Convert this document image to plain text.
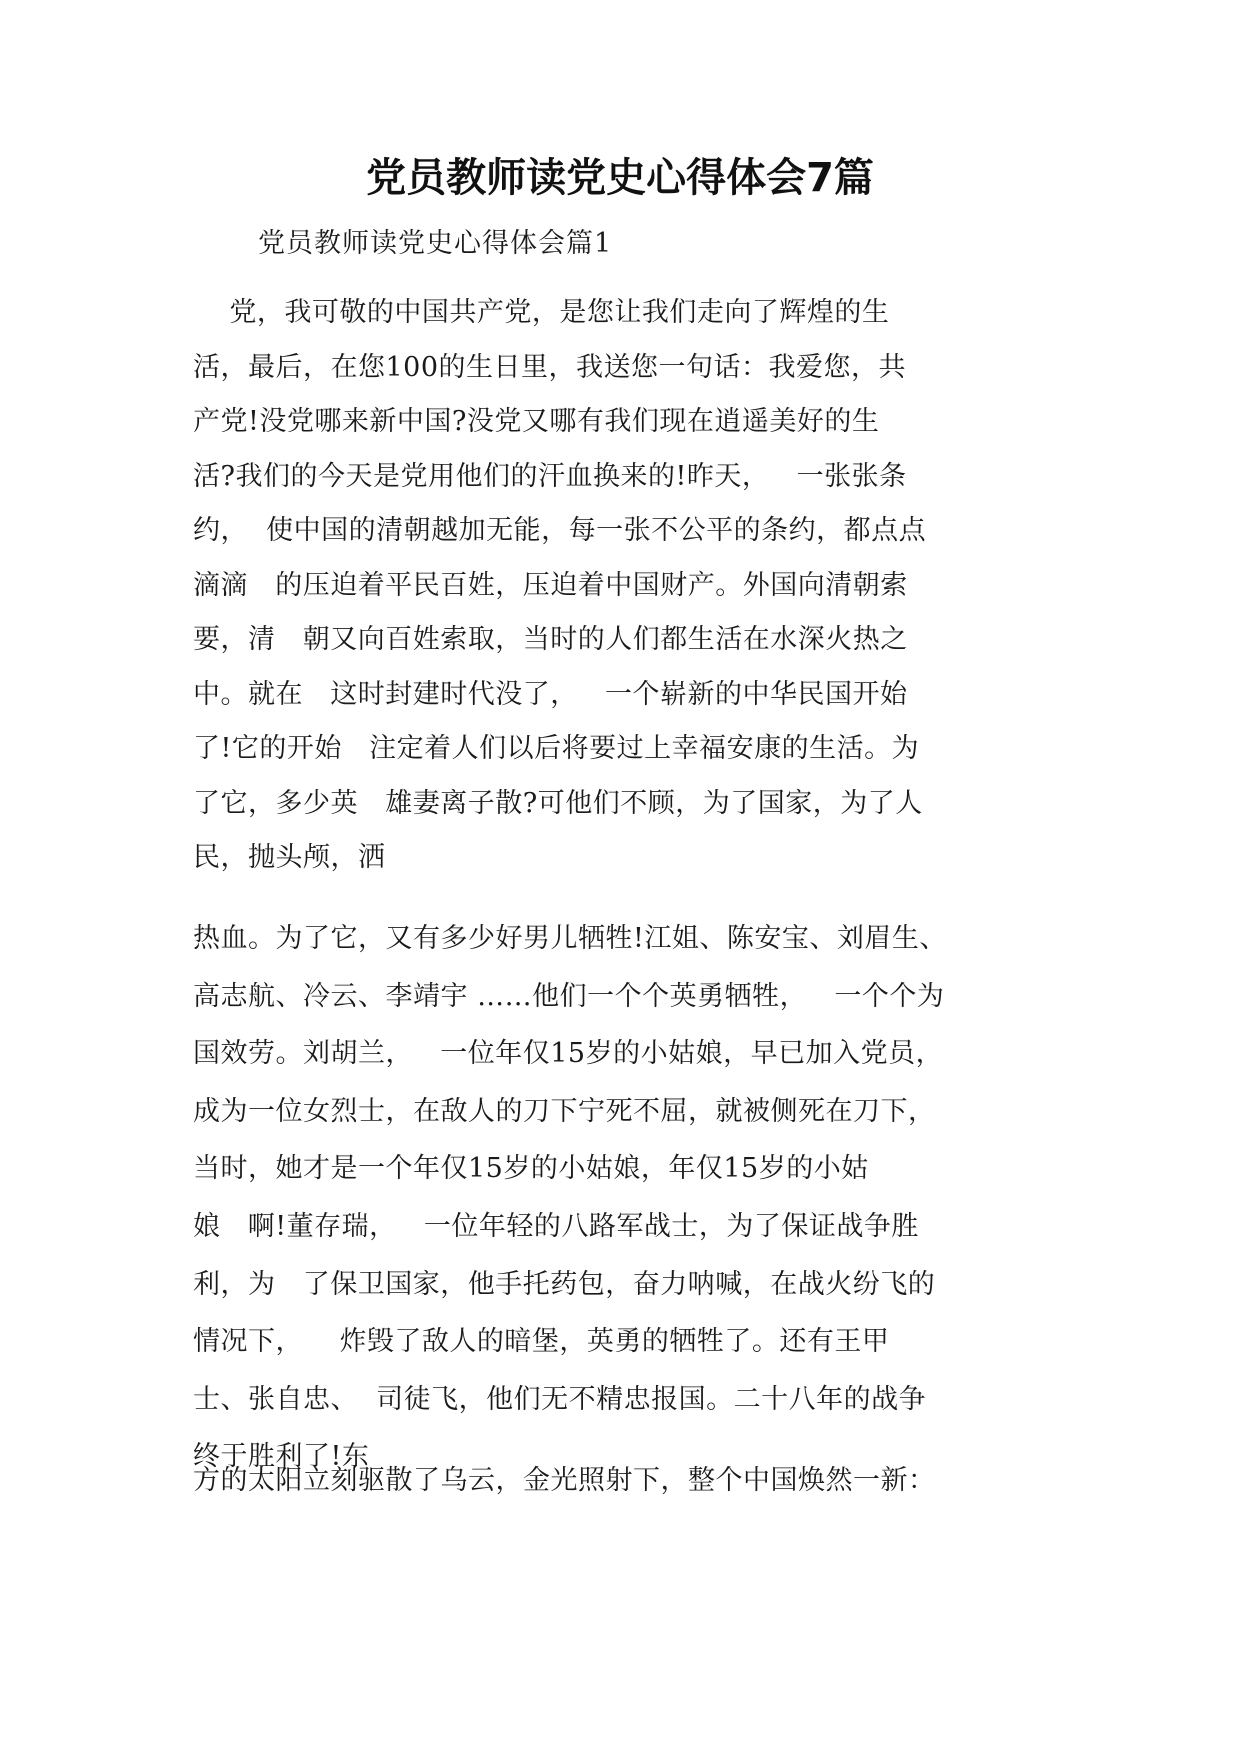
党员教师读党史心得体会7篇

党员教师读党史心得体会篇1

党，我可敬的中国共产党，是您让我们走向了辉煌的生
活，最后，在您100的生日里，我送您一句话：我爱您，共
产党!没党哪来新中国?没党又哪有我们现在逍遥美好的生
活?我们的今天是党用他们的汗血换来的!昨天，   一张张条
约，  使中国的清朝越加无能，每一张不公平的条约，都点点
滴滴   的压迫着平民百姓，压迫着中国财产。外国向清朝索
要，清   朝又向百姓索取，当时的人们都生活在水深火热之
中。就在   这时封建时代没了，   一个崭新的中华民国开始
了!它的开始   注定着人们以后将要过上幸福安康的生活。为
了它，多少英   雄妻离子散?可他们不顾，为了国家，为了人
民，抛头颅，洒
热血。为了它，又有多少好男儿牺牲!江姐、陈安宝、刘眉生、
高志航、冷云、李靖宇 ……他们一个个英勇牺牲，   一个个为
国效劳。刘胡兰，   一位年仅15岁的小姑娘，早已加入党员，
成为一位女烈士，在敌人的刀下宁死不屈，就被侧死在刀下，
当时，她才是一个年仅15岁的小姑娘，年仅15岁的小姑
娘   啊!董存瑞，   一位年轻的八路军战士，为了保证战争胜
利，为   了保卫国家，他手托药包，奋力呐喊，在战火纷飞的
情况下，    炸毁了敌人的暗堡，英勇的牺牲了。还有王甲
士、张自忠、  司徒飞，他们无不精忠报国。二十八年的战争
终于胜利了!东
方的太阳立刻驱散了乌云，金光照射下，整个中国焕然一新：
